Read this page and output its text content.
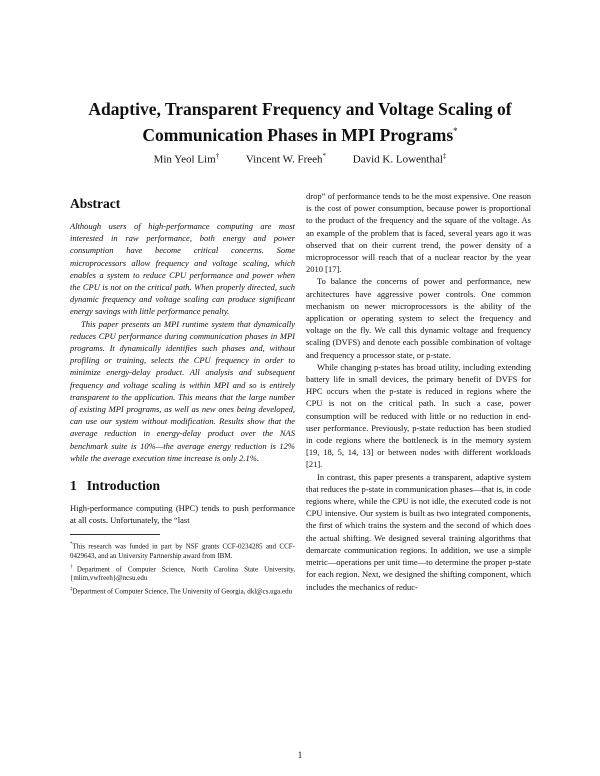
Adaptive, Transparent Frequency and Voltage Scaling of
Communication Phases in MPI Programs*
Min Yeol Lim† Vincent W. Freeh* David K. Lowenthal‡
Abstract

Although users of high-performance computing are most interested in raw performance, both energy and power consumption have become critical concerns. Some microprocessors allow frequency and voltage scaling, which enables a system to reduce CPU performance and power when the CPU is not on the critical path. When properly directed, such dynamic frequency and voltage scaling can produce significant energy savings with little performance penalty.

This paper presents an MPI runtime system that dynamically reduces CPU performance during communication phases in MPI programs. It dynamically identifies such phases and, without profiling or training, selects the CPU frequency in order to minimize energy-delay product. All analysis and subsequent frequency and voltage scaling is within MPI and so is entirely transparent to the application. This means that the large number of existing MPI programs, as well as new ones being developed, can use our system without modification. Results show that the average reduction in energy-delay product over the NAS benchmark suite is 10%—the average energy reduction is 12% while the average execution time increase is only 2.1%.

1 Introduction

High-performance computing (HPC) tends to push performance at all costs. Unfortunately, the “last

*This research was funded in part by NSF grants CCF-0234285 and CCF-0429643, and an University Partnership award from IBM.
†Department of Computer Science, North Carolina State University, {mlim,vwfreeh}@ncsu.edu
‡Department of Computer Science, The University of Georgia, dkl@cs.uga.edu

drop” of performance tends to be the most expensive. One reason is the cost of power consumption, because power is proportional to the product of the frequency and the square of the voltage. As an example of the problem that is faced, several years ago it was observed that on their current trend, the power density of a microprocessor will reach that of a nuclear reactor by the year 2010 [17].

To balance the concerns of power and performance, new architectures have aggressive power controls. One common mechanism on newer microprocessors is the ability of the application or operating system to select the frequency and voltage on the fly. We call this dynamic voltage and frequency scaling (DVFS) and denote each possible combination of voltage and frequency a processor state, or p-state.

While changing p-states has broad utility, including extending battery life in small devices, the primary benefit of DVFS for HPC occurs when the p-state is reduced in regions where the CPU is not on the critical path. In such a case, power consumption will be reduced with little or no reduction in end-user performance. Previously, p-state reduction has been studied in code regions where the bottleneck is in the memory system [19, 18, 5, 14, 13] or between nodes with different workloads [21].

In contrast, this paper presents a transparent, adaptive system that reduces the p-state in communication phases—that is, in code regions where, while the CPU is not idle, the executed code is not CPU intensive. Our system is built as two integrated components, the first of which trains the system and the second of which does the actual shifting. We designed several training algorithms that demarcate communication regions. In addition, we use a simple metric—operations per unit time—to determine the proper p-state for each region. Next, we designed the shifting component, which includes the mechanics of reduc-

1
